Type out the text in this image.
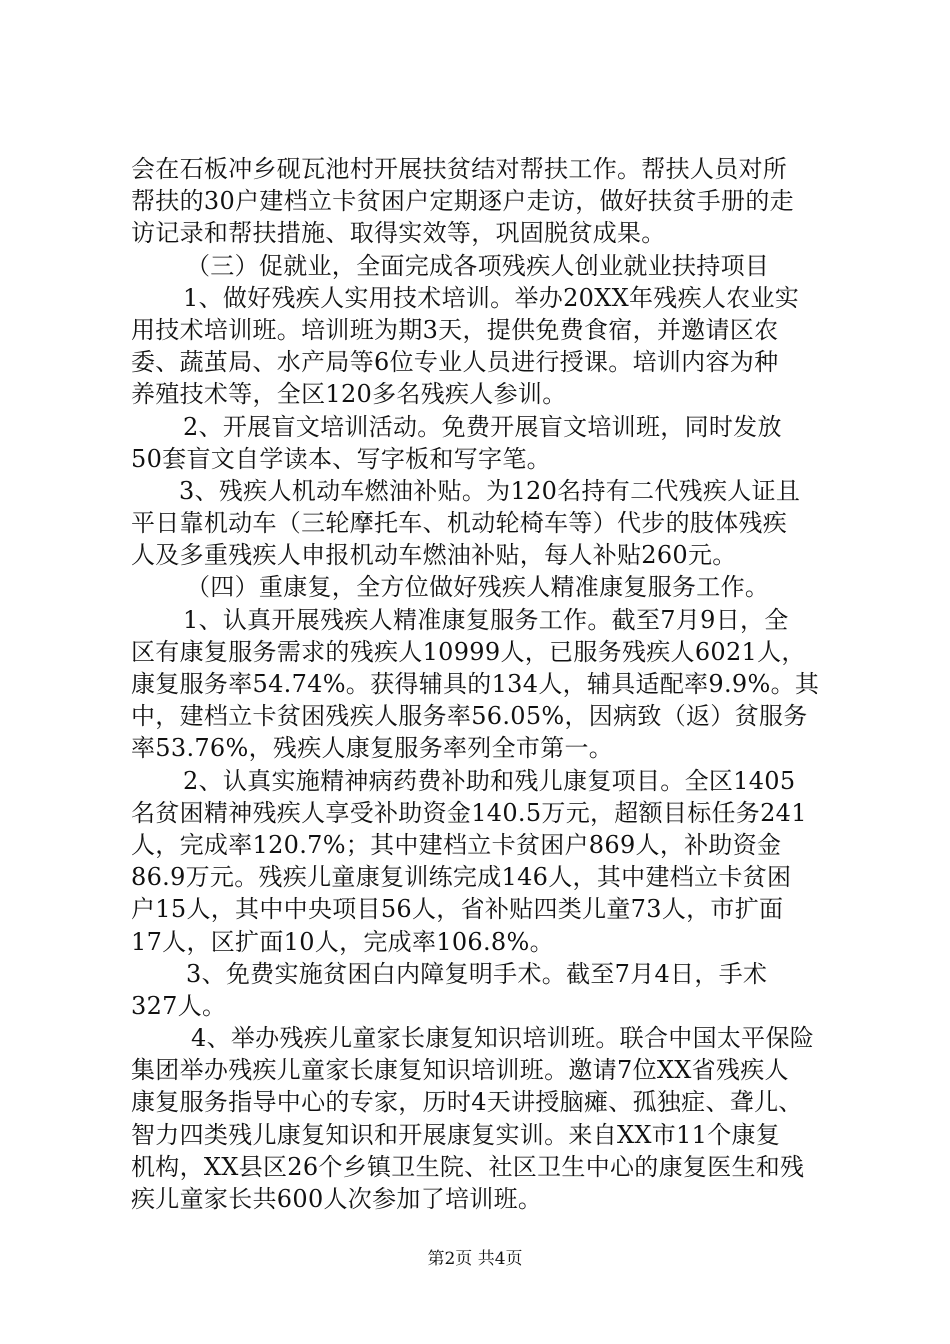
会在石板冲乡砚瓦池村开展扶贫结对帮扶工作。帮扶人员对所
帮扶的30户建档立卡贫困户定期逐户走访，做好扶贫手册的走
访记录和帮扶措施、取得实效等，巩固脱贫成果。
（三）促就业，全面完成各项残疾人创业就业扶持项目
1、做好残疾人实用技术培训。举办20XX年残疾人农业实
用技术培训班。培训班为期3天，提供免费食宿，并邀请区农
委、蔬茧局、水产局等6位专业人员进行授课。培训内容为种
养殖技术等，全区120多名残疾人参训。
2、开展盲文培训活动。免费开展盲文培训班，同时发放
50套盲文自学读本、写字板和写字笔。
3、残疾人机动车燃油补贴。为120名持有二代残疾人证且
平日靠机动车（三轮摩托车、机动轮椅车等）代步的肢体残疾
人及多重残疾人申报机动车燃油补贴，每人补贴260元。
（四）重康复，全方位做好残疾人精准康复服务工作。
1、认真开展残疾人精准康复服务工作。截至7月9日，全
区有康复服务需求的残疾人10999人，已服务残疾人6021人，
康复服务率54.74%。获得辅具的134人，辅具适配率9.9%。其
中，建档立卡贫困残疾人服务率56.05%，因病致（返）贫服务
率53.76%，残疾人康复服务率列全市第一。
2、认真实施精神病药费补助和残儿康复项目。全区1405
名贫困精神残疾人享受补助资金140.5万元，超额目标任务241
人，完成率120.7%；其中建档立卡贫困户869人，补助资金
86.9万元。残疾儿童康复训练完成146人，其中建档立卡贫困
户15人，其中中央项目56人，省补贴四类儿童73人，市扩面
17人，区扩面10人，完成率106.8%。
3、免费实施贫困白内障复明手术。截至7月4日，手术
327人。
4、举办残疾儿童家长康复知识培训班。联合中国太平保险
集团举办残疾儿童家长康复知识培训班。邀请7位XX省残疾人
康复服务指导中心的专家，历时4天讲授脑瘫、孤独症、聋儿、
智力四类残儿康复知识和开展康复实训。来自XX市11个康复
机构，XX县区26个乡镇卫生院、社区卫生中心的康复医生和残
疾儿童家长共600人次参加了培训班。
第2页 共4页
